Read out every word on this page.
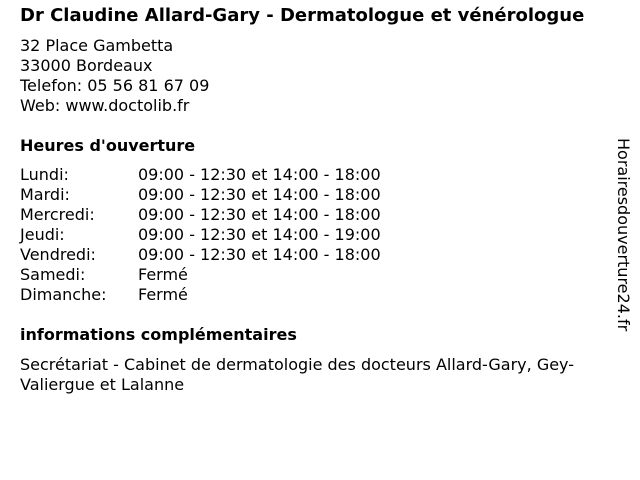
Dr Claudine Allard-Gary - Dermatologue et vénérologue
32 Place Gambetta
33000 Bordeaux
Telefon: 05 56 81 67 09
Web: www.doctolib.fr
Heures d'ouverture
Lundi:	09:00 - 12:30 et 14:00 - 18:00
Mardi:	09:00 - 12:30 et 14:00 - 18:00
Mercredi:	09:00 - 12:30 et 14:00 - 18:00
Jeudi:	09:00 - 12:30 et 14:00 - 19:00
Vendredi:	09:00 - 12:30 et 14:00 - 18:00
Samedi:	Fermé
Dimanche:	Fermé
informations complémentaires
Secrétariat - Cabinet de dermatologie des docteurs Allard-Gary, Gey-Valiergue et Lalanne
Horairesdouverture24.fr
